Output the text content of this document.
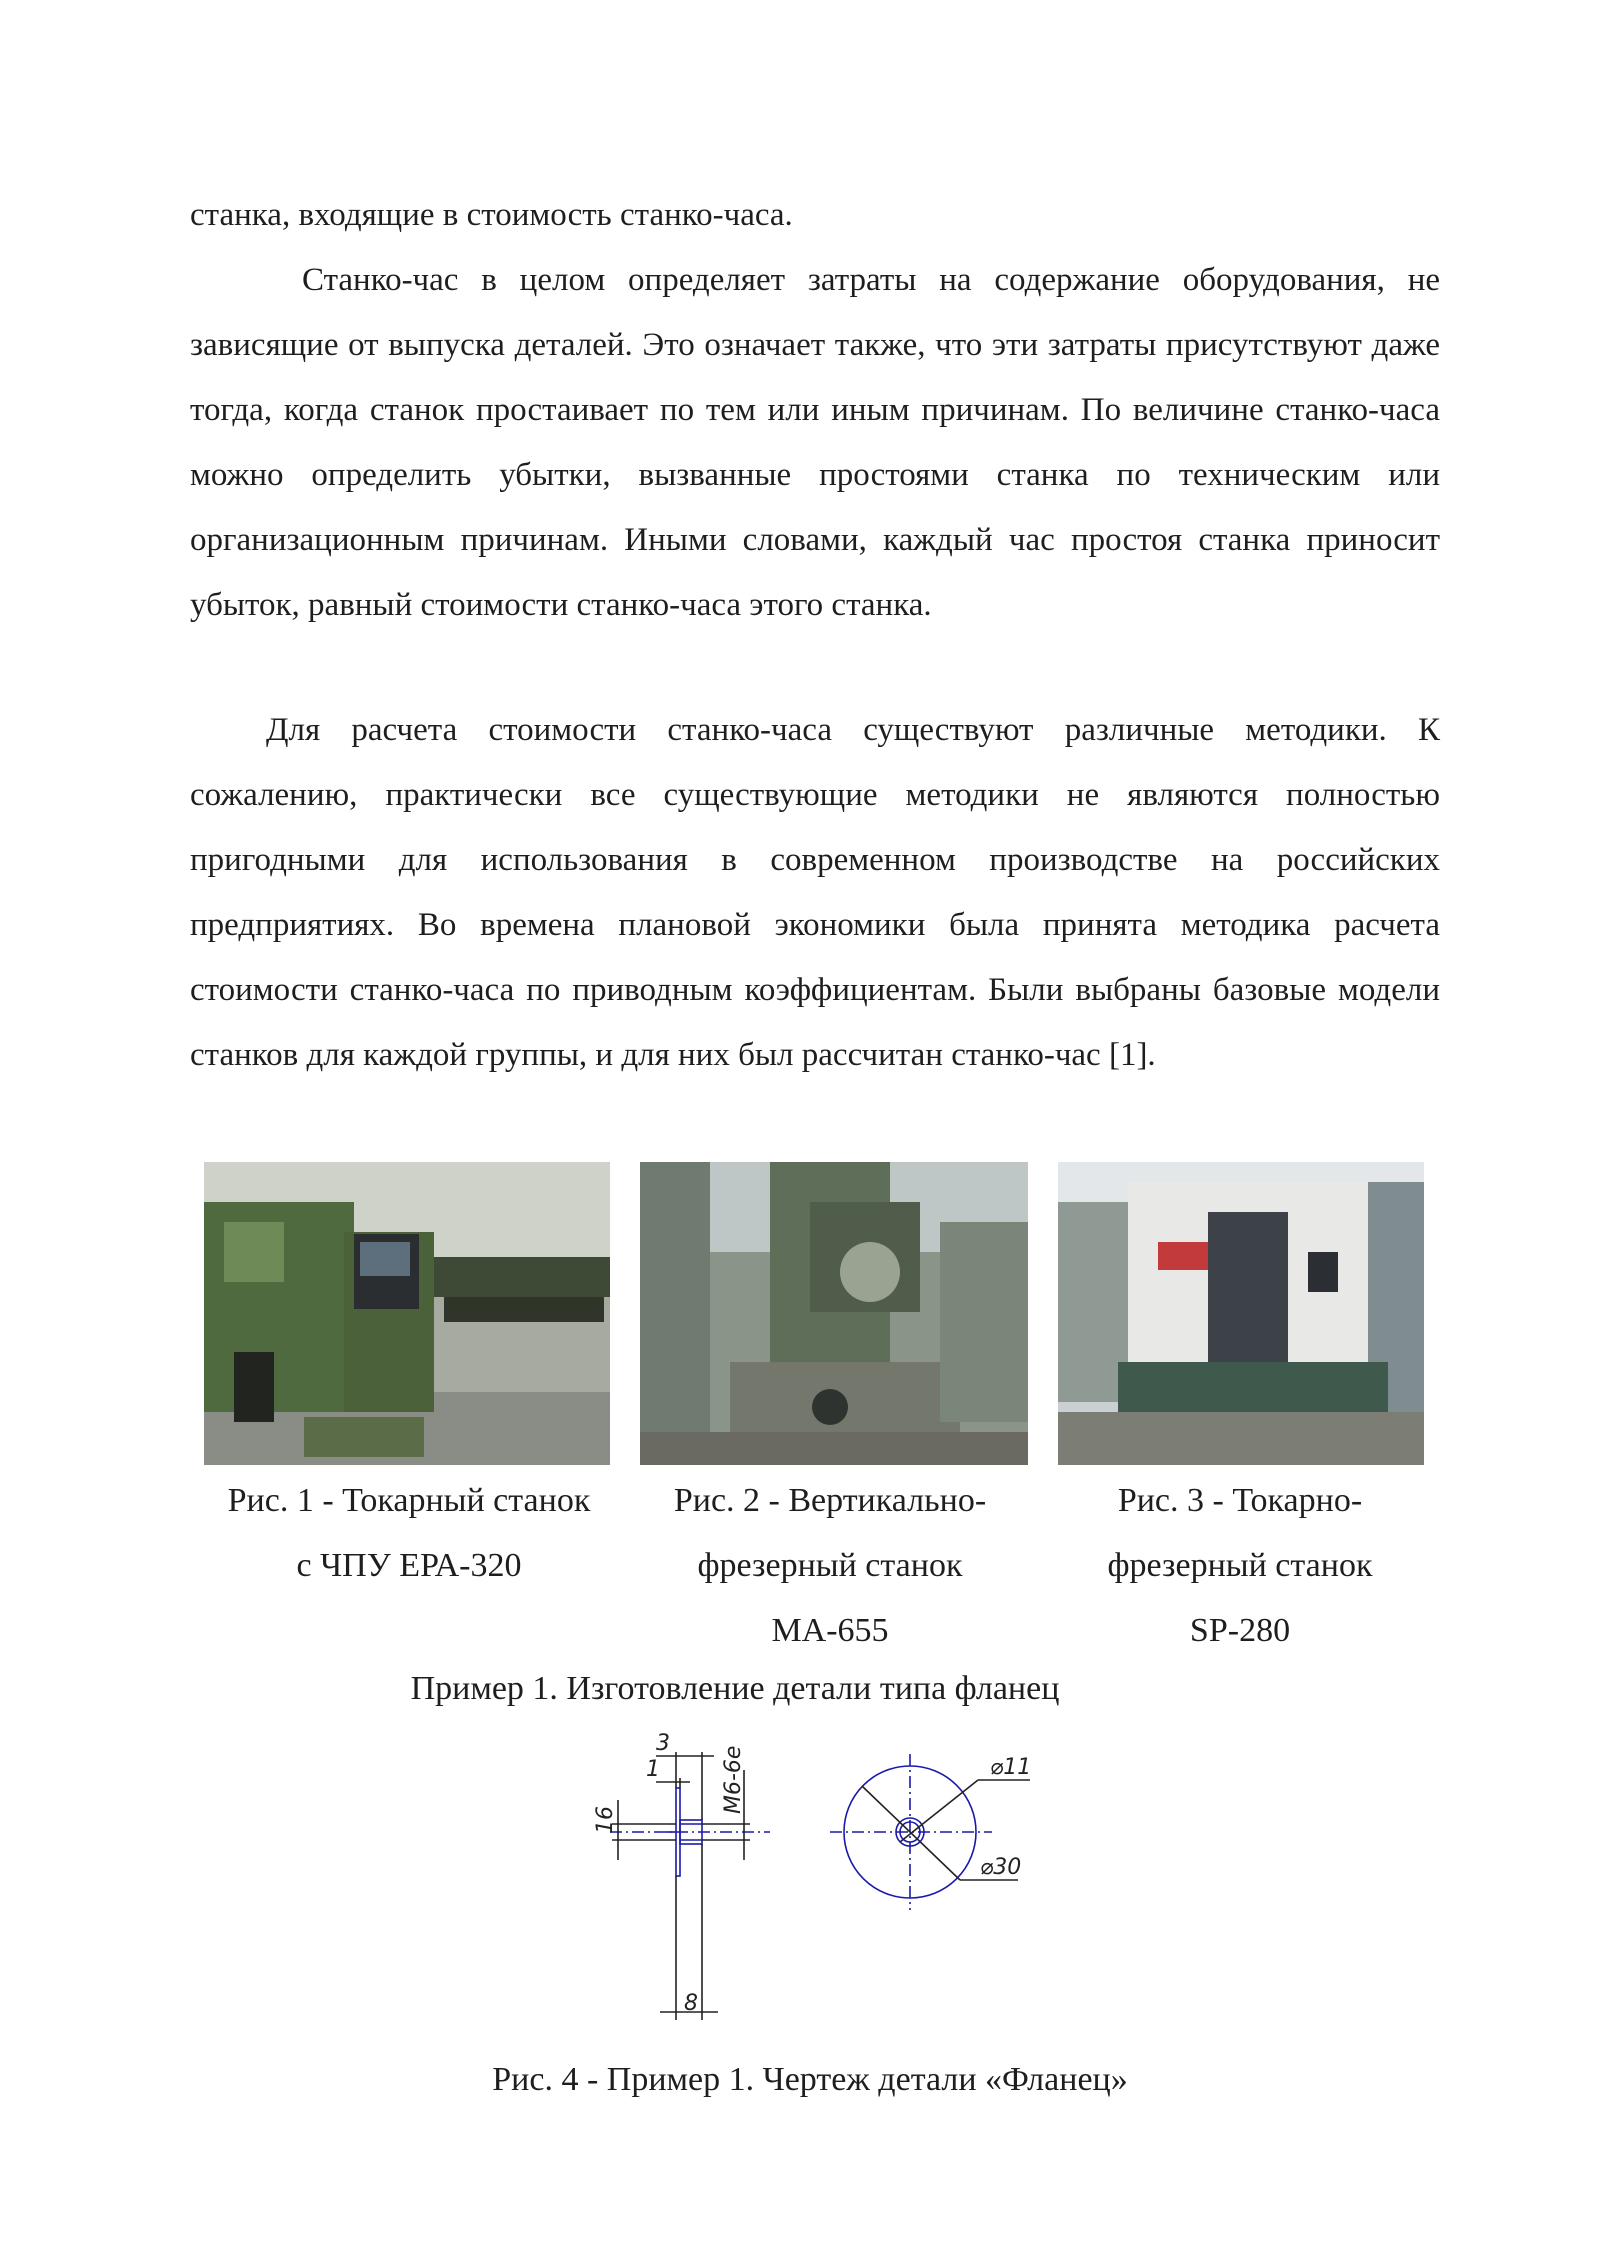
станка, входящие в стоимость станко-часа.

Станко-час в целом определяет затраты на содержание оборудования, не зависящие от выпуска деталей. Это означает также, что эти затраты присутствуют даже тогда, когда станок простаивает по тем или иным причинам. По величине станко-часа можно определить убытки, вызванные простоями станка по техническим или организационным причинам. Иными словами, каждый час простоя станка приносит убыток, равный стоимости станко-часа этого станка.

Для расчета стоимости станко-часа существуют различные методики. К сожалению, практически все существующие методики не являются полностью пригодными для использования в современном производстве на российских предприятиях. Во времена плановой экономики была принята методика расчета стоимости станко-часа по приводным коэффициентам. Были выбраны базовые модели станков для каждой группы, и для них был рассчитан станко-час [1].

Рис. 1 - Токарный станок
с ЧПУ ЕРА-320
Рис. 2 - Вертикально-
фрезерный станок
МА-655
Рис. 3 - Токарно-
фрезерный станок
SP-280
Пример 1. Изготовление детали типа фланец
3
1
16
M6-6e
8
⌀11
⌀30
Рис. 4 - Пример 1. Чертеж детали «Фланец»
